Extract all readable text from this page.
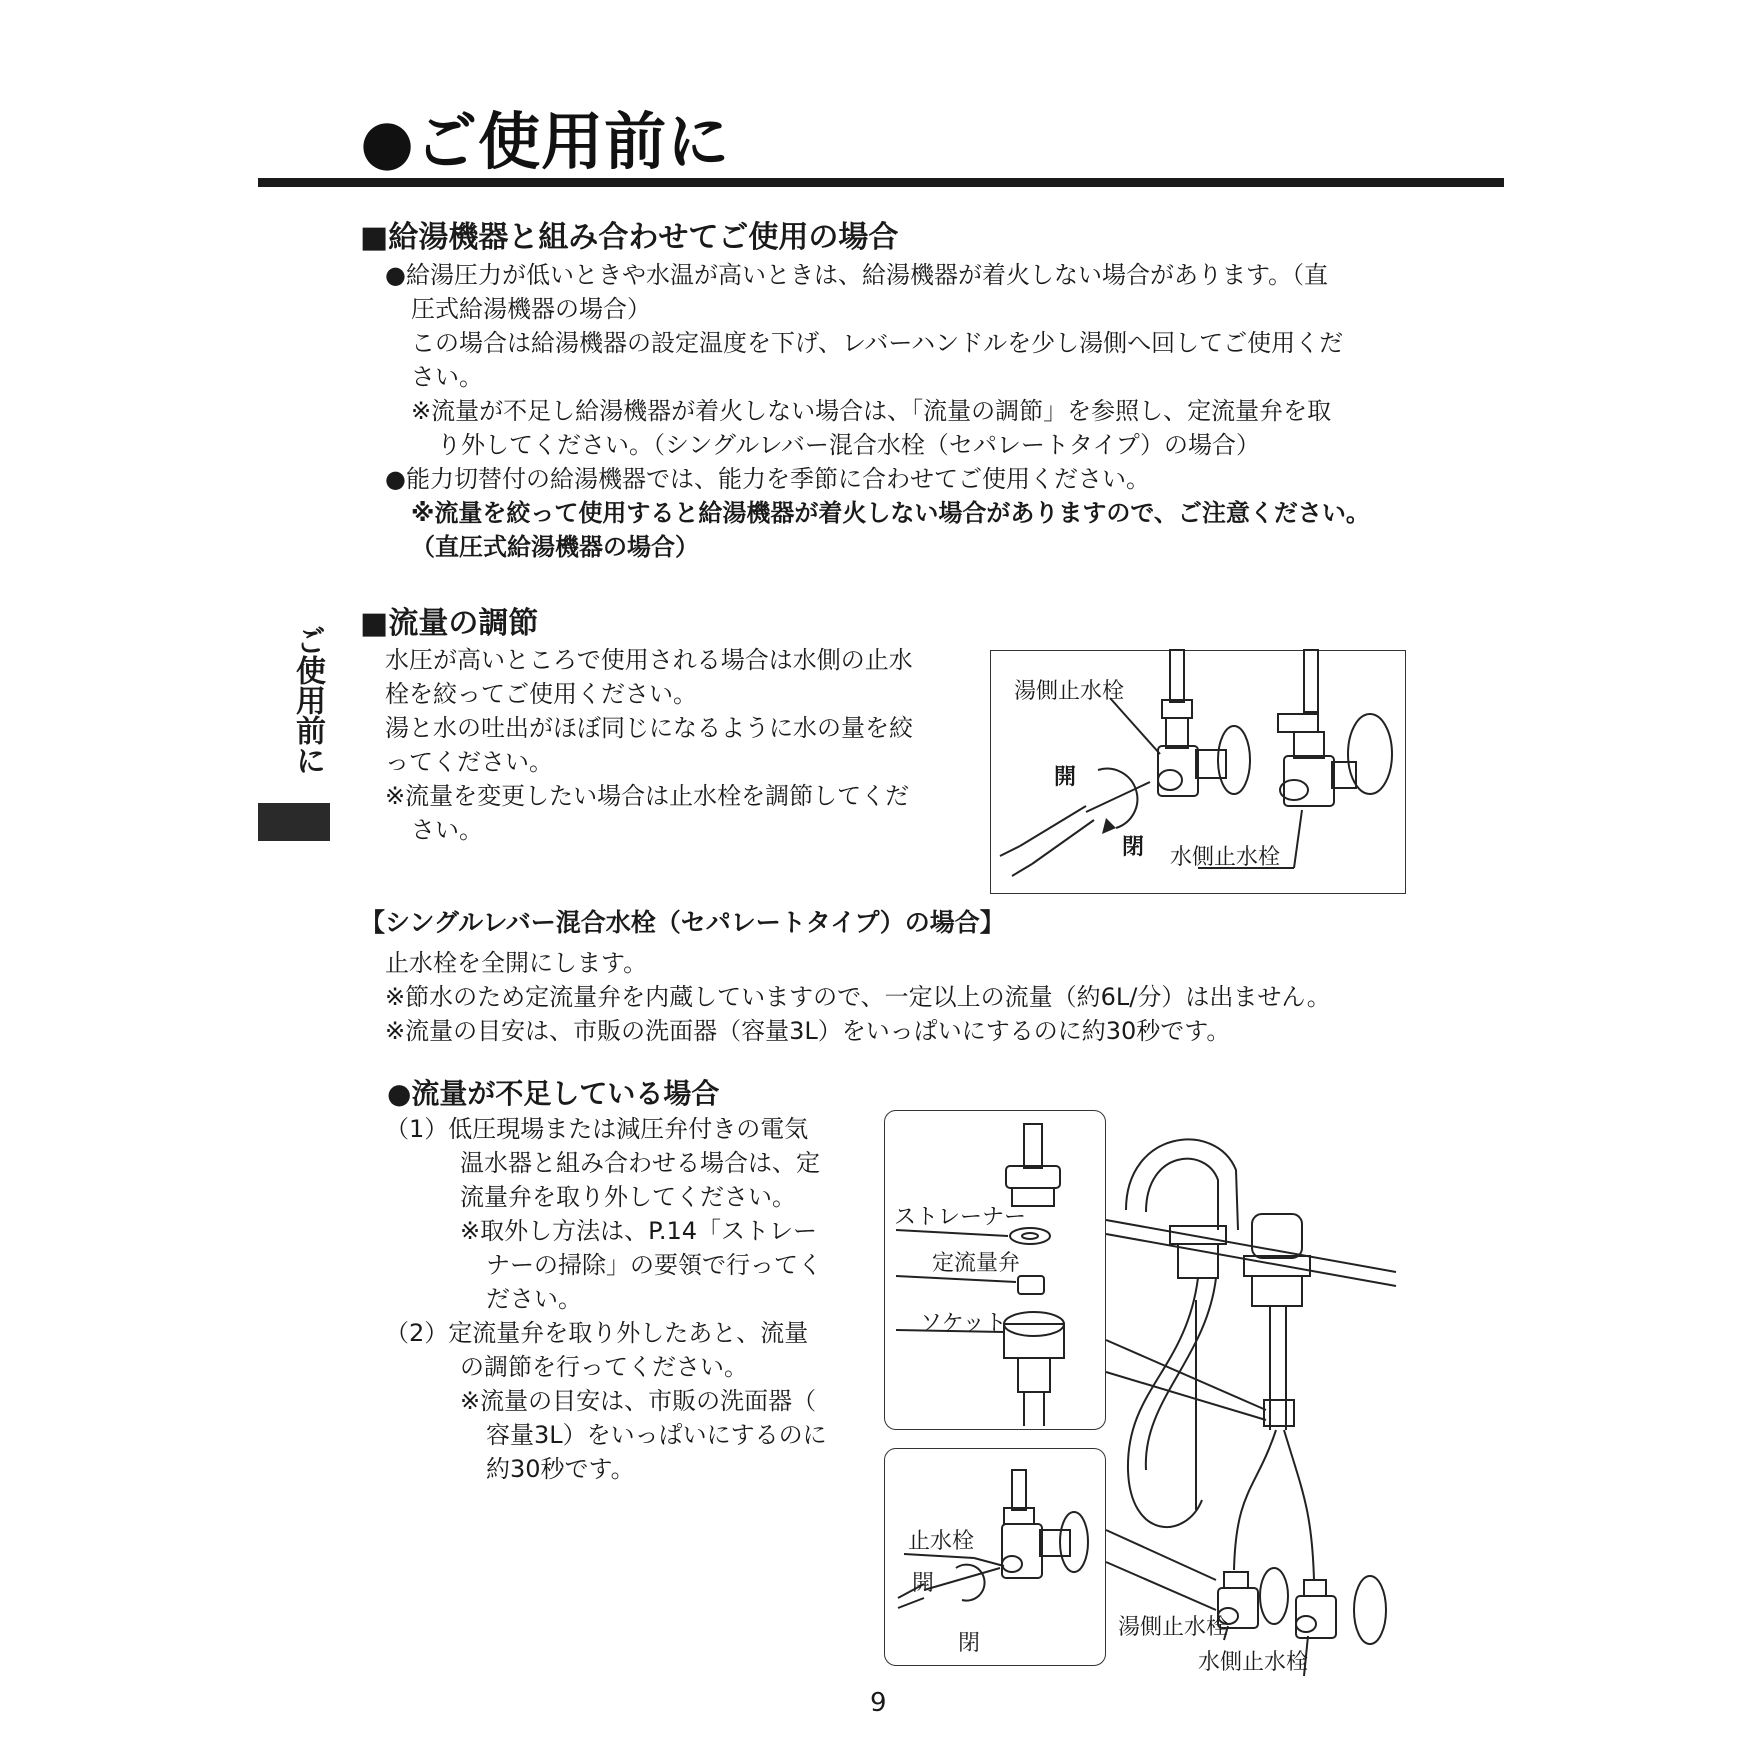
●ご使用前に
ご使用前に
■給湯機器と組み合わせてご使用の場合
●給湯圧力が低いときや水温が高いときは、給湯機器が着火しない場合があります。（直
圧式給湯機器の場合）
この場合は給湯機器の設定温度を下げ、レバーハンドルを少し湯側へ回してご使用くだ
さい。
※流量が不足し給湯機器が着火しない場合は、「流量の調節」を参照し、定流量弁を取
り外してください。（シングルレバー混合水栓（セパレートタイプ）の場合）
●能力切替付の給湯機器では、能力を季節に合わせてご使用ください。
※流量を絞って使用すると給湯機器が着火しない場合がありますので、ご注意ください。
（直圧式給湯機器の場合）
■流量の調節
水圧が高いところで使用される場合は水側の止水
栓を絞ってご使用ください。
湯と水の吐出がほぼ同じになるように水の量を絞
ってください。
※流量を変更したい場合は止水栓を調節してくだ
さい。
湯側止水栓
開
閉 水側止水栓
【シングルレバー混合水栓（セパレートタイプ）の場合】
止水栓を全開にします。
※節水のため定流量弁を内蔵していますので、一定以上の流量（約6L/分）は出ません。
※流量の目安は、市販の洗面器（容量3L）をいっぱいにするのに約30秒です。
●流量が不足している場合
（1）低圧現場または減圧弁付きの電気
温水器と組み合わせる場合は、定
流量弁を取り外してください。
※取外し方法は、P.14「ストレー
ナーの掃除」の要領で行ってく
ださい。
（2）定流量弁を取り外したあと、流量
の調節を行ってください。
※流量の目安は、市販の洗面器（
容量3L）をいっぱいにするのに
約30秒です。
ストレーナー
定流量弁
ソケット
止水栓
開
閉
湯側止水栓
水側止水栓
9
